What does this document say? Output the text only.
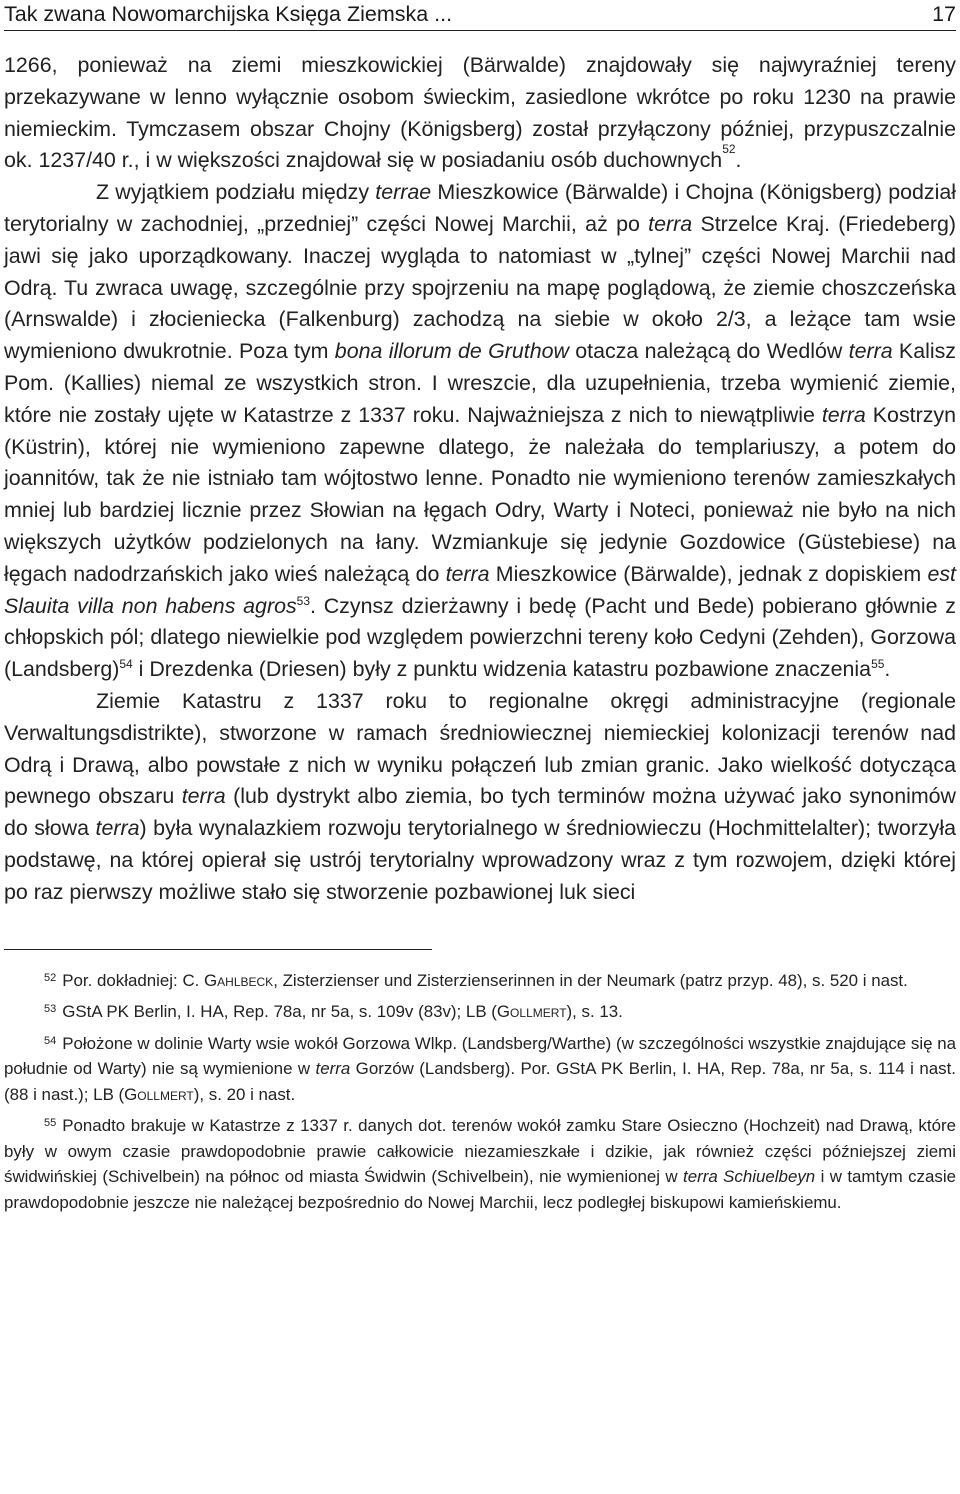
Tak zwana Nowomarchijska Księga Ziemska ...	17

1266, ponieważ na ziemi mieszkowickiej (Bärwalde) znajdowały się najwyraźniej tereny przekazywane w lenno wyłącznie osobom świeckim, zasiedlone wkrótce po roku 1230 na prawie niemieckim. Tymczasem obszar Chojny (Königsberg) został przyłączony później, przypuszczalnie ok. 1237/40 r., i w większości znajdował się w posiadaniu osób duchownych$^{52}$.

Z wyjątkiem podziału między terrae Mieszkowice (Bärwalde) i Chojna (Königsberg) podział terytorialny w zachodniej, „przedniej” części Nowej Marchii, aż po terra Strzelce Kraj. (Friedeberg) jawi się jako uporządkowany. Inaczej wygląda to natomiast w „tylnej” części Nowej Marchii nad Odrą. Tu zwraca uwagę, szczególnie przy spojrzeniu na mapę poglądową, że ziemie choszczeńska (Arnswalde) i złocieniecka (Falkenburg) zachodzą na siebie w około 2/3, a leżące tam wsie wymieniono dwukrotnie. Poza tym bona illorum de Gruthow otacza należącą do Wedlów terra Kalisz Pom. (Kallies) niemal ze wszystkich stron. I wreszcie, dla uzupełnienia, trzeba wymienić ziemie, które nie zostały ujęte w Katastrze z 1337 roku. Najważniejsza z nich to niewątpliwie terra Kostrzyn (Küstrin), której nie wymieniono zapewne dlatego, że należała do templariuszy, a potem do joannitów, tak że nie istniało tam wójtostwo lenne. Ponadto nie wymieniono terenów zamieszkałych mniej lub bardziej licznie przez Słowian na łęgach Odry, Warty i Noteci, ponieważ nie było na nich większych użytków podzielonych na łany. Wzmiankuje się jedynie Gozdowice (Güstebiese) na łęgach nadodrzańskich jako wieś należącą do terra Mieszkowice (Bärwalde), jednak z dopiskiem est Slauita villa non habens agros$^{53}$. Czynsz dzierżawny i bedę (Pacht und Bede) pobierano głównie z chłopskich pól; dlatego niewielkie pod względem powierzchni tereny koło Cedyni (Zehden), Gorzowa (Landsberg)$^{54}$ i Drezdenka (Driesen) były z punktu widzenia katastru pozbawione znaczenia$^{55}$.

Ziemie Katastru z 1337 roku to regionalne okręgi administracyjne (regionale Verwaltungsdistrikte), stworzone w ramach średniowiecznej niemieckiej kolonizacji terenów nad Odrą i Drawą, albo powstałe z nich w wyniku połączeń lub zmian granic. Jako wielkość dotycząca pewnego obszaru terra (lub dystrykt albo ziemia, bo tych terminów można używać jako synonimów do słowa terra) była wynalazkiem rozwoju terytorialnego w średniowieczu (Hochmittelalter); tworzyła podstawę, na której opierał się ustrój terytorialny wprowadzony wraz z tym rozwojem, dzięki której po raz pierwszy możliwe stało się stworzenie pozbawionej luk sieci

$^{52}$ Por. dokładniej: C. Gahlbeck, Zisterzienser und Zisterzienserinnen in der Neumark (patrz przyp. 48), s. 520 i nast.

$^{53}$ GStA PK Berlin, I. HA, Rep. 78a, nr 5a, s. 109v (83v); LB (Gollmert), s. 13.

$^{54}$ Położone w dolinie Warty wsie wokół Gorzowa Wlkp. (Landsberg/Warthe) (w szczególności wszystkie znajdujące się na południe od Warty) nie są wymienione w terra Gorzów (Landsberg). Por. GStA PK Berlin, I. HA, Rep. 78a, nr 5a, s. 114 i nast. (88 i nast.); LB (Gollmert), s. 20 i nast.

$^{55}$ Ponadto brakuje w Katastrze z 1337 r. danych dot. terenów wokół zamku Stare Osieczno (Hochzeit) nad Drawą, które były w owym czasie prawdopodobnie prawie całkowicie niezamieszkałe i dzikie, jak również części późniejszej ziemi świdwińskiej (Schivelbein) na północ od miasta Świdwin (Schivelbein), nie wymienionej w terra Schiuelbeyn i w tamtym czasie prawdopodobnie jeszcze nie należącej bezpośrednio do Nowej Marchii, lecz podległej biskupowi kamieńskiemu.
